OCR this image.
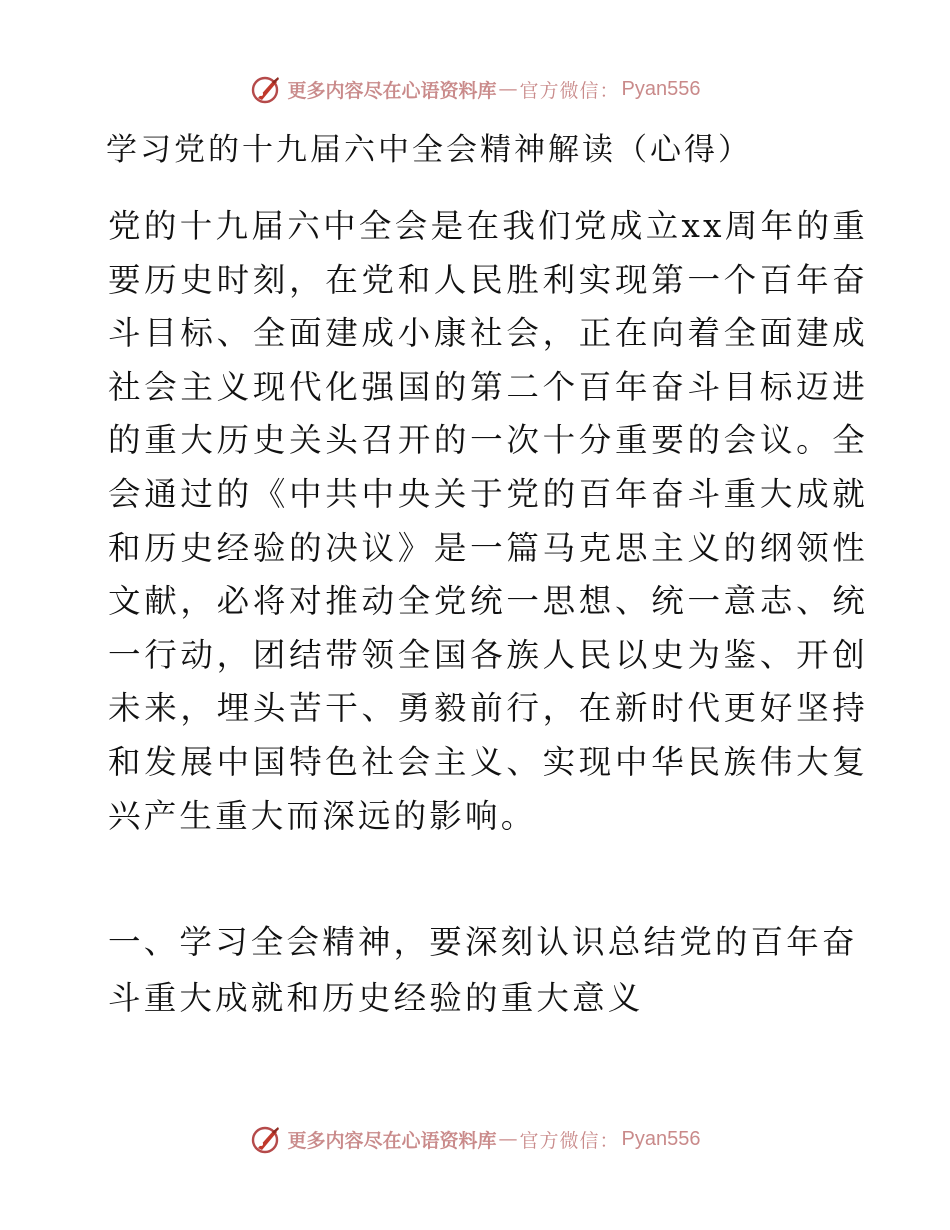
更多内容尽在心语资料库 — 官方微信： Pyan556
学习党的十九届六中全会精神解读（心得）

党的十九届六中全会是在我们党成立xx周年的重要历史时刻，在党和人民胜利实现第一个百年奋斗目标、全面建成小康社会，正在向着全面建成社会主义现代化强国的第二个百年奋斗目标迈进的重大历史关头召开的一次十分重要的会议。全会通过的《中共中央关于党的百年奋斗重大成就和历史经验的决议》是一篇马克思主义的纲领性文献，必将对推动全党统一思想、统一意志、统一行动，团结带领全国各族人民以史为鉴、开创未来，埋头苦干、勇毅前行，在新时代更好坚持和发展中国特色社会主义、实现中华民族伟大复兴产生重大而深远的影响。

一、学习全会精神，要深刻认识总结党的百年奋斗重大成就和历史经验的重大意义
更多内容尽在心语资料库 — 官方微信： Pyan556
